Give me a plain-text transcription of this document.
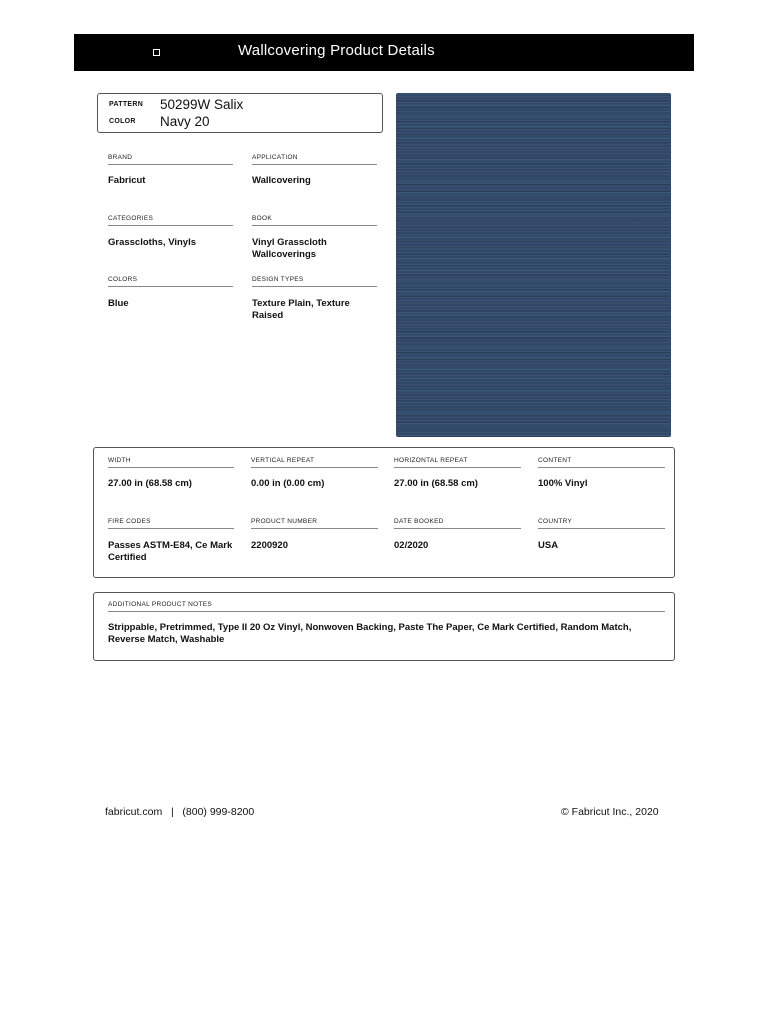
Wallcovering Product Details
PATTERN 50299W Salix
COLOR Navy 20
BRAND
Fabricut
APPLICATION
Wallcovering
CATEGORIES
Grasscloths, Vinyls
BOOK
Vinyl Grasscloth Wallcoverings
COLORS
Blue
DESIGN TYPES
Texture Plain, Texture Raised
WIDTH
27.00 in (68.58 cm)
VERTICAL REPEAT
0.00 in (0.00 cm)
HORIZONTAL REPEAT
27.00 in (68.58 cm)
CONTENT
100% Vinyl
FIRE CODES
Passes ASTM-E84, Ce Mark Certified
PRODUCT NUMBER
2200920
DATE BOOKED
02/2020
COUNTRY
USA
ADDITIONAL PRODUCT NOTES
Strippable, Pretrimmed, Type II 20 Oz Vinyl, Nonwoven Backing, Paste The Paper, Ce Mark Certified, Random Match, Reverse Match, Washable
fabricut.com   |   (800) 999-8200	© Fabricut Inc., 2020
